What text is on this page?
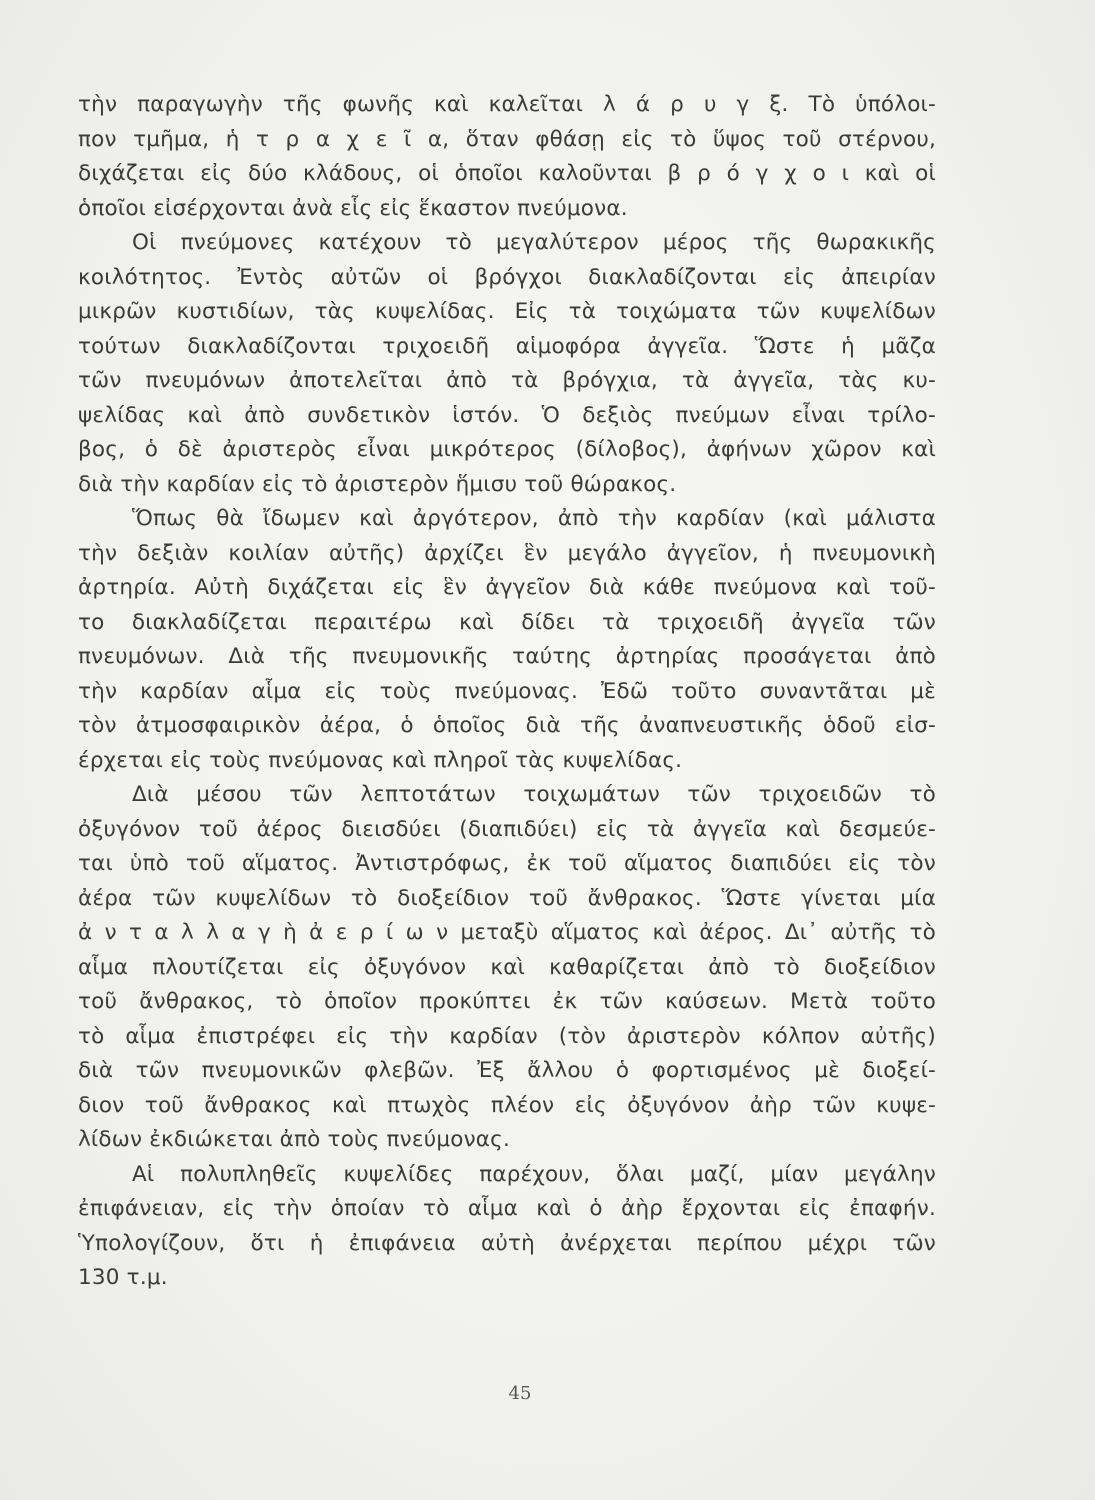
τὴν παραγωγὴν τῆς φωνῆς καὶ καλεῖται λ ά ρ υ γ ξ. Τὸ ὑπόλοι-
πον τμῆμα, ἡ τ ρ α χ ε ῖ α, ὅταν φθάσῃ εἰς τὸ ὕψος τοῦ στέρνου,
διχάζεται εἰς δύο κλάδους, οἱ ὁποῖοι καλοῦνται β ρ ό γ χ ο ι καὶ οἱ
ὁποῖοι εἰσέρχονται ἀνὰ εἷς εἰς ἕκαστον πνεύμονα.

Οἱ πνεύμονες κατέχουν τὸ μεγαλύτερον μέρος τῆς θωρακικῆς
κοιλότητος. Ἐντὸς αὐτῶν οἱ βρόγχοι διακλαδίζονται εἰς ἀπειρίαν
μικρῶν κυστιδίων, τὰς κυψελίδας. Εἰς τὰ τοιχώματα τῶν κυψελίδων
τούτων διακλαδίζονται τριχοειδῆ αἱμοφόρα ἀγγεῖα. Ὥστε ἡ μᾶζα
τῶν πνευμόνων ἀποτελεῖται ἀπὸ τὰ βρόγχια, τὰ ἀγγεῖα, τὰς κυ-
ψελίδας καὶ ἀπὸ συνδετικὸν ἱστόν. Ὁ δεξιὸς πνεύμων εἶναι τρίλο-
βος, ὁ δὲ ἀριστερὸς εἶναι μικρότερος (δίλοβος), ἀφήνων χῶρον καὶ
διὰ τὴν καρδίαν εἰς τὸ ἀριστερὸν ἥμισυ τοῦ θώρακος.

Ὅπως θὰ ἴδωμεν καὶ ἀργότερον, ἀπὸ τὴν καρδίαν (καὶ μάλιστα
τὴν δεξιὰν κοιλίαν αὐτῆς) ἀρχίζει ἓν μεγάλο ἀγγεῖον, ἡ πνευμονικὴ
ἀρτηρία. Αὐτὴ διχάζεται εἰς ἓν ἀγγεῖον διὰ κάθε πνεύμονα καὶ τοῦ-
το διακλαδίζεται περαιτέρω καὶ δίδει τὰ τριχοειδῆ ἀγγεῖα τῶν
πνευμόνων. Διὰ τῆς πνευμονικῆς ταύτης ἀρτηρίας προσάγεται ἀπὸ
τὴν καρδίαν αἷμα εἰς τοὺς πνεύμονας. Ἐδῶ τοῦτο συναντᾶται μὲ
τὸν ἀτμοσφαιρικὸν ἀέρα, ὁ ὁποῖος διὰ τῆς ἀναπνευστικῆς ὁδοῦ εἰσ-
έρχεται εἰς τοὺς πνεύμονας καὶ πληροῖ τὰς κυψελίδας.

Διὰ μέσου τῶν λεπτοτάτων τοιχωμάτων τῶν τριχοειδῶν τὸ
ὀξυγόνον τοῦ ἀέρος διεισδύει (διαπιδύει) εἰς τὰ ἀγγεῖα καὶ δεσμεύε-
ται ὑπὸ τοῦ αἵματος. Ἀντιστρόφως, ἐκ τοῦ αἵματος διαπιδύει εἰς τὸν
ἀέρα τῶν κυψελίδων τὸ διοξείδιον τοῦ ἄνθρακος. Ὥστε γίνεται μία
ἀ ν τ α λ λ α γ ὴ ἀ ε ρ ί ω ν μεταξὺ αἵματος καὶ ἀέρος. Δι᾽ αὐτῆς τὸ
αἷμα πλουτίζεται εἰς ὀξυγόνον καὶ καθαρίζεται ἀπὸ τὸ διοξείδιον
τοῦ ἄνθρακος, τὸ ὁποῖον προκύπτει ἐκ τῶν καύσεων. Μετὰ τοῦτο
τὸ αἷμα ἐπιστρέφει εἰς τὴν καρδίαν (τὸν ἀριστερὸν κόλπον αὐτῆς)
διὰ τῶν πνευμονικῶν φλεβῶν. Ἐξ ἄλλου ὁ φορτισμένος μὲ διοξεί-
διον τοῦ ἄνθρακος καὶ πτωχὸς πλέον εἰς ὀξυγόνον ἀὴρ τῶν κυψε-
λίδων ἐκδιώκεται ἀπὸ τοὺς πνεύμονας.

Αἱ πολυπληθεῖς κυψελίδες παρέχουν, ὅλαι μαζί, μίαν μεγάλην
ἐπιφάνειαν, εἰς τὴν ὁποίαν τὸ αἷμα καὶ ὁ ἀὴρ ἔρχονται εἰς ἐπαφήν.
Ὑπολογίζουν, ὅτι ἡ ἐπιφάνεια αὐτὴ ἀνέρχεται περίπου μέχρι τῶν
130 τ.μ.

45
